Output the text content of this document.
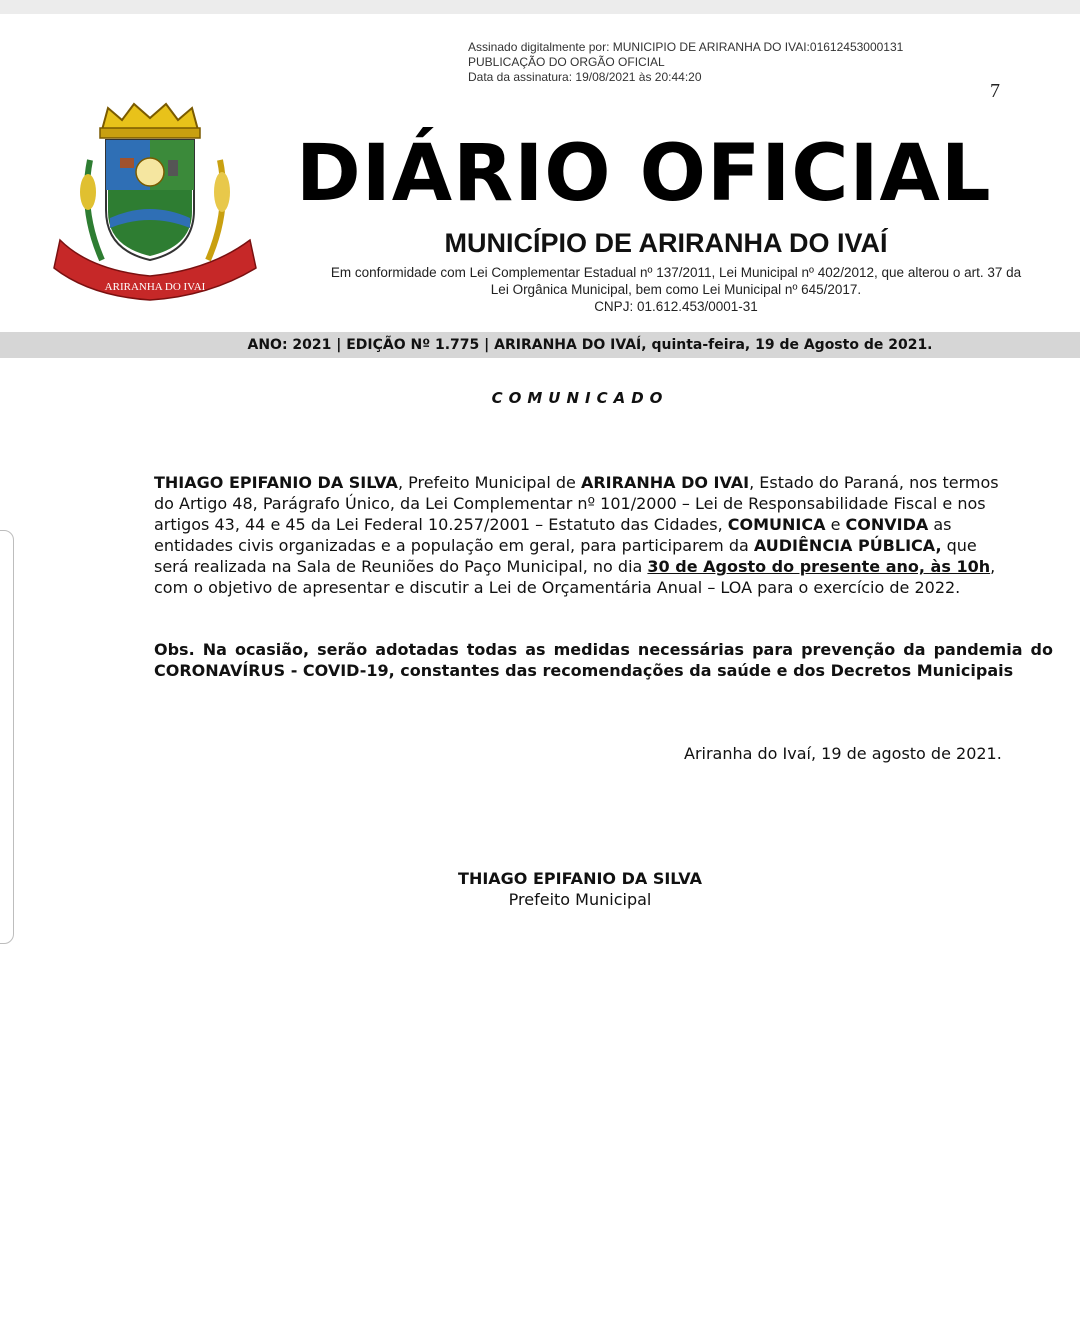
Assinado digitalmente por: MUNICIPIO DE ARIRANHA DO IVAI:01612453000131
PUBLICAÇÃO DO ORGÃO OFICIAL
Data da assinatura: 19/08/2021 às 20:44:20
7
ARIRANHA DO IVAI
DIÁRIO OFICIAL
MUNICÍPIO DE ARIRANHA DO IVAÍ
Em conformidade com Lei Complementar Estadual nº 137/2011, Lei Municipal nº 402/2012, que alterou o art. 37 da
Lei Orgânica Municipal, bem como Lei Municipal nº 645/2017.
CNPJ: 01.612.453/0001-31
ANO: 2021 | EDIÇÃO Nº 1.775 | ARIRANHA DO IVAÍ, quinta-feira, 19 de Agosto de 2021.
COMUNICADO

THIAGO EPIFANIO DA SILVA, Prefeito Municipal de ARIRANHA DO IVAI, Estado do Paraná, nos termos do Artigo 48, Parágrafo Único, da Lei Complementar nº 101/2000 – Lei de Responsabilidade Fiscal e nos artigos 43, 44 e 45 da Lei Federal 10.257/2001 – Estatuto das Cidades, COMUNICA e CONVIDA as entidades civis organizadas e a população em geral, para participarem da AUDIÊNCIA PÚBLICA, que será realizada na Sala de Reuniões do Paço Municipal, no dia 30 de Agosto do presente ano, às 10h, com o objetivo de apresentar e discutir a Lei de Orçamentária Anual – LOA para o exercício de 2022.

Obs. Na ocasião, serão adotadas todas as medidas necessárias para prevenção da pandemia do CORONAVÍRUS - COVID-19, constantes das recomendações da saúde e dos Decretos Municipais
Ariranha do Ivaí, 19 de agosto de 2021.
THIAGO EPIFANIO DA SILVA
Prefeito Municipal
